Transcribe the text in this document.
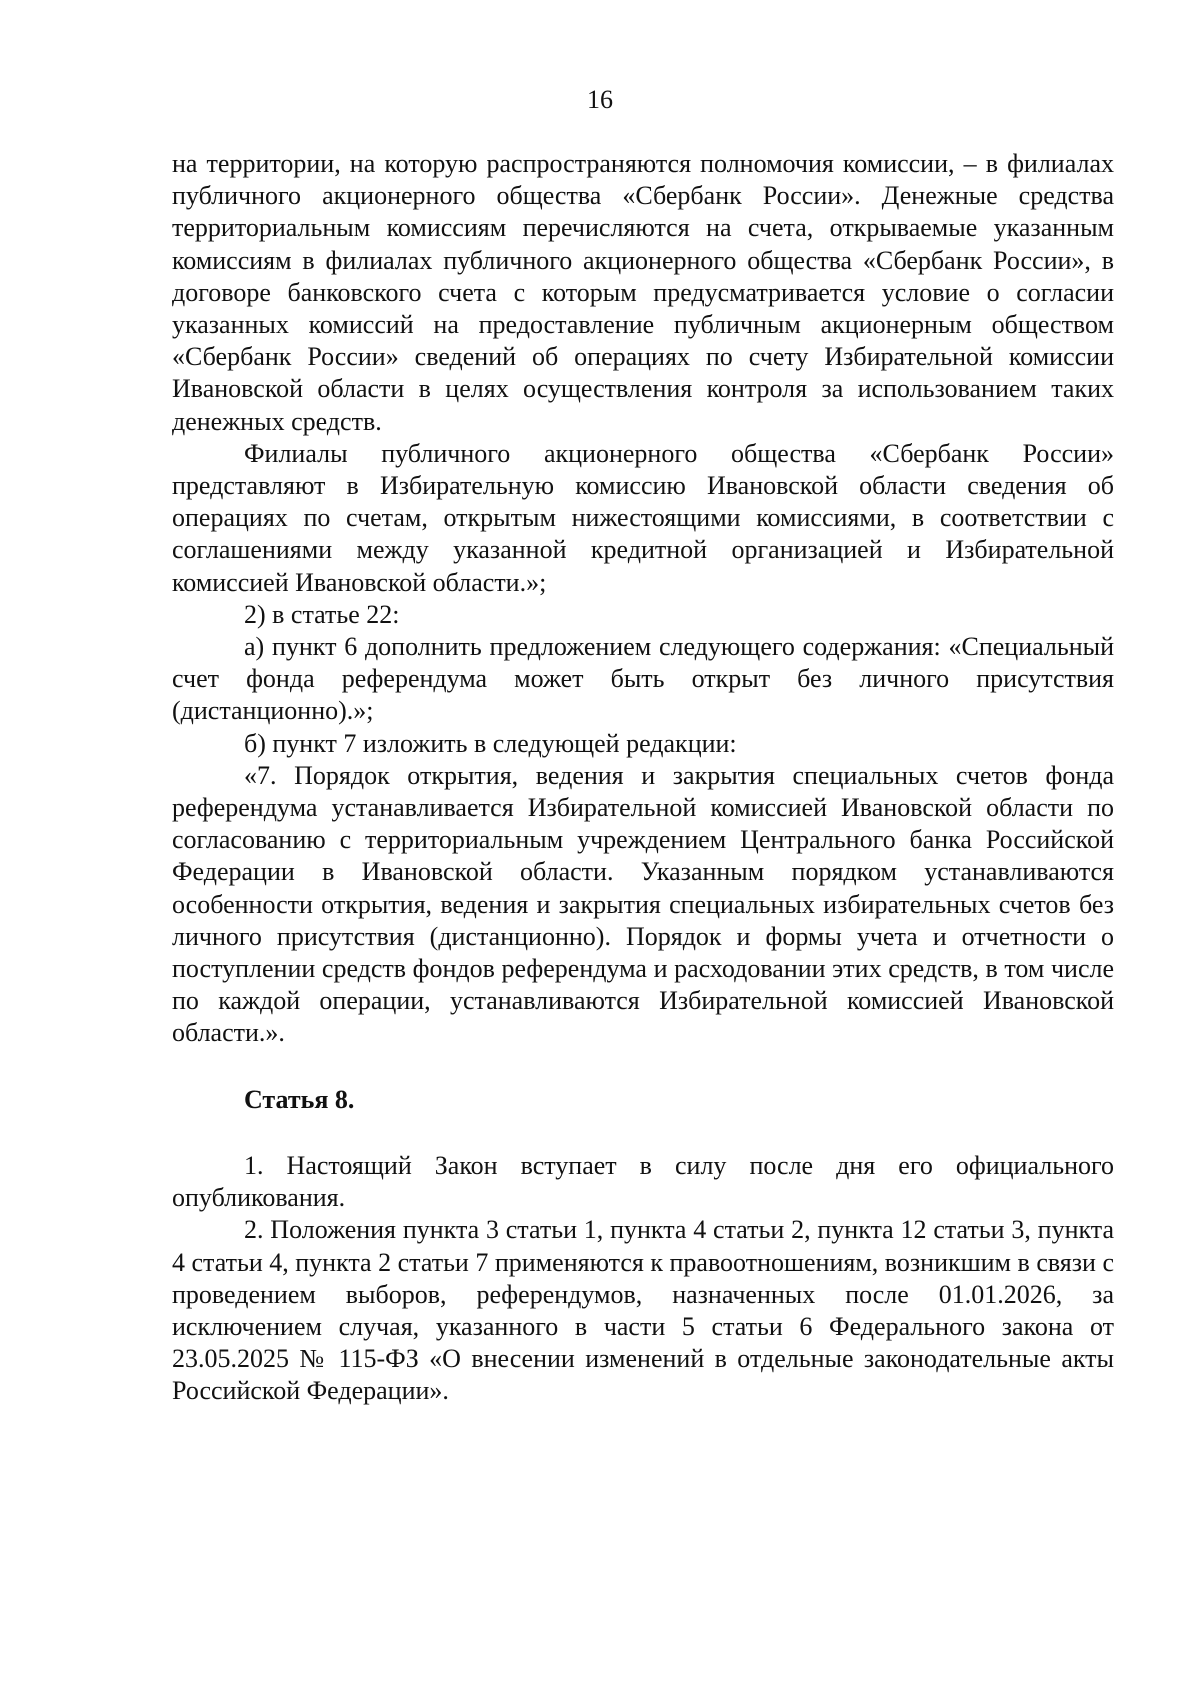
16

на территории, на которую распространяются полномочия комиссии, – в филиалах публичного акционерного общества «Сбербанк России». Денежные средства территориальным комиссиям перечисляются на счета, открываемые указанным комиссиям в филиалах публичного акционерного общества «Сбербанк России», в договоре банковского счета с которым предусматривается условие о согласии указанных комиссий на предоставление публичным акционерным обществом «Сбербанк России» сведений об операциях по счету Избирательной комиссии Ивановской области в целях осуществления контроля за использованием таких денежных средств.

Филиалы публичного акционерного общества «Сбербанк России» представляют в Избирательную комиссию Ивановской области сведения об операциях по счетам, открытым нижестоящими комиссиями, в соответствии с соглашениями между указанной кредитной организацией и Избирательной комиссией Ивановской области.»;

2) в статье 22:

а) пункт 6 дополнить предложением следующего содержания: «Специальный счет фонда референдума может быть открыт без личного присутствия (дистанционно).»;

б) пункт 7 изложить в следующей редакции:

«7. Порядок открытия, ведения и закрытия специальных счетов фонда референдума устанавливается Избирательной комиссией Ивановской области по согласованию с территориальным учреждением Центрального банка Российской Федерации в Ивановской области. Указанным порядком устанавливаются особенности открытия, ведения и закрытия специальных избирательных счетов без личного присутствия (дистанционно). Порядок и формы учета и отчетности о поступлении средств фондов референдума и расходовании этих средств, в том числе по каждой операции, устанавливаются Избирательной комиссией Ивановской области.».

Статья 8.

1. Настоящий Закон вступает в силу после дня его официального опубликования.

2. Положения пункта 3 статьи 1, пункта 4 статьи 2, пункта 12 статьи 3, пункта 4 статьи 4, пункта 2 статьи 7 применяются к правоотношениям, возникшим в связи с проведением выборов, референдумов, назначенных после 01.01.2026, за исключением случая, указанного в части 5 статьи 6 Федерального закона от 23.05.2025 № 115-ФЗ «О внесении изменений в отдельные законодательные акты Российской Федерации».
